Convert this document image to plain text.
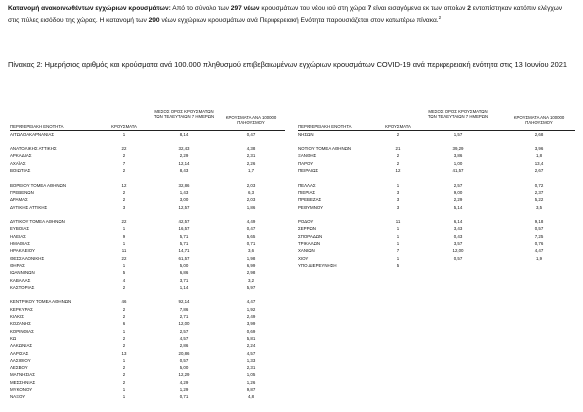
Κατανομή ανακοινωθέντων εγχώριων κρουσμάτων: Από το σύνολο των 297 νέων κρουσμάτων του νέου ιού στη χώρα 7 είναι εισαγόμενα εκ των οποίων 2 εντοπίστηκαν κατόπιν ελέγχων στις πύλες εισόδου της χώρας. Η κατανομή των 290 νέων εγχώριων κρουσμάτων ανά Περιφερειακή Ενότητα παρουσιάζεται στον κατωτέρω πίνακα.$^2$
Πίνακας 2: Ημερήσιος αριθμός και κρούσματα ανά 100.000 πληθυσμού επιβεβαιωμένων εγχώριων κρουσμάτων COVID-19 ανά περιφερειακή ενότητα στις 13 Ιουνίου 2021
ΠΕΡΙΦΕΡΕΙΑΚΗ ΕΝΟΤΗΤΑ	ΚΡΟΥΣΜΑΤΑ
ΜΕΣΟΣ ΟΡΟΣ ΚΡΟΥΣΜΑΤΩΝ ΤΩΝ ΤΕΛΕΥΤΑΙΩΝ 7 ΗΜΕΡΩΝ	ΚΡΟΥΣΜΑΤΑ ΑΝΑ 100000 ΠΛΗΘΥΣΜΟΥ
ΠΕΡΙΦΕΡΕΙΑΚΗ ΕΝΟΤΗΤΑ	ΚΡΟΥΣΜΑΤΑ
ΜΕΣΟΣ ΟΡΟΣ ΚΡΟΥΣΜΑΤΩΝ ΤΩΝ ΤΕΛΕΥΤΑΙΩΝ 7 ΗΜΕΡΩΝ	ΚΡΟΥΣΜΑΤΑ ΑΝΑ 100000 ΠΛΗΘΥΣΜΟΥ
ΑΙΤΩΛΟΑΚΑΡΝΑΝΙΑΣ	1	8,14	0,47
ΑΝΑΤΟΛΙΚΗΣ ΑΤΤΙΚΗΣ	22	32,43	4,38
ΑΡΚΑΔΙΑΣ	2	2,29	2,31
ΑΧΑΪΑΣ	7	12,14	2,26
ΒΟΙΩΤΙΑΣ	2	8,43	1,7
ΒΟΡΕΙΟΥ ΤΟΜΕΑ ΑΘΗΝΩΝ	12	32,86	2,03
ΓΡΕΒΕΝΩΝ	2	1,43	6,3
ΔΡΑΜΑΣ	2	3,00	2,03
ΔΥΤΙΚΗΣ ΑΤΤΙΚΗΣ	3	12,57	1,86
ΔΥΤΙΚΟΥ ΤΟΜΕΑ ΑΘΗΝΩΝ	22	42,57	4,49
ΕΥΒΟΙΑΣ	1	16,57	0,47
ΗΛΕΙΑΣ	9	5,71	5,65
ΗΜΑΘΙΑΣ	1	5,71	0,71
ΗΡΑΚΛΕΙΟΥ	11	14,71	3,6
ΘΕΣΣΑΛΟΝΙΚΗΣ	22	61,57	1,98
ΘΗΡΑΣ	1	5,00	6,99
ΙΩΑΝΝΙΝΩΝ	5	6,86	2,98
ΚΑΒΑΛΑΣ	4	3,71	3,2
ΚΑΣΤΟΡΙΑΣ	2	1,14	5,97
ΚΕΝΤΡΙΚΟΥ ΤΟΜΕΑ ΑΘΗΝΩΝ	46	92,14	4,47
ΚΕΡΚΥΡΑΣ	2	7,86	1,92
ΚΙΛΚΙΣ	2	2,71	2,49
ΚΟΖΑΝΗΣ	6	12,00	3,99
ΚΟΡΙΝΘΙΑΣ	1	2,57	0,69
ΚΩ	2	4,57	5,81
ΛΑΚΩΝΙΑΣ	2	2,86	2,24
ΛΑΡΙΣΑΣ	13	20,86	4,57
ΛΑΣΙΘΙΟΥ	1	0,57	1,33
ΛΕΣΒΟΥ	2	5,00	2,31
ΜΑΓΝΗΣΙΑΣ	2	12,29	1,05
ΜΕΣΣΗΝΙΑΣ	2	4,29	1,26
ΜΥΚΟΝΟΥ	1	1,29	9,87
ΝΑΞΟΥ	1	0,71	4,8
ΝΗΣΩΝ	2	1,57	2,68
ΝΟΤΙΟΥ ΤΟΜΕΑ ΑΘΗΝΩΝ	21	39,29	3,96
ΞΑΝΘΗΣ	2	3,86	1,8
ΠΑΡΟΥ	2	1,00	13,4
ΠΕΙΡΑΙΩΣ	12	41,57	2,67
ΠΕΛΛΑΣ	1	2,57	0,72
ΠΙΕΡΙΑΣ	3	9,00	2,37
ΠΡΕΒΕΖΑΣ	3	2,29	5,22
ΡΕΘΥΜΝΟΥ	3	5,14	3,5
ΡΟΔΟΥ	11	6,14	9,18
ΣΕΡΡΩΝ	1	3,43	0,57
ΣΠΟΡΑΔΩΝ	1	0,43	7,25
ΤΡΙΚΑΛΩΝ	1	3,57	0,76
ΧΑΝΙΩΝ	7	12,00	4,47
ΧΙΟΥ	1	0,57	1,9
ΥΠΟ ΔΙΕΡΕΥΝΗΣΗ	5
